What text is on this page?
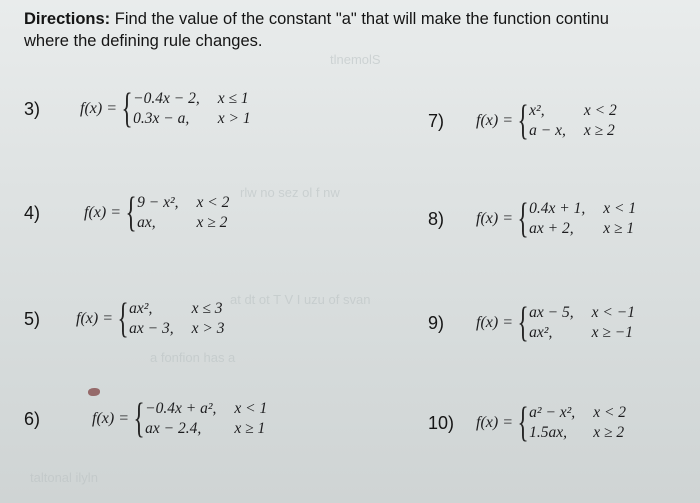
tlnemolS
rlw no sez ol f nw
at dt ot T V I uzu of svan
a fonfion has a
taltonal ilyln
Directions: Find the value of the constant "a" that will make the function continu
where the defining rule changes.
3)	f(x) = { −0.4x − 2, x ≤ 1
0.3x − a,	x > 1
4)	f(x) = { 9 − x², x < 2
ax,	x ≥ 2
5)	f(x) = { ax²,	x ≤ 3
ax − 3, x > 3
6)	f(x) = { −0.4x + a², x < 1
ax − 2.4,	x ≥ 1
7)	f(x) = { x²,	x < 2
a − x, x ≥ 2
8)	f(x) = { 0.4x + 1, x < 1
ax + 2,	x ≥ 1
9)	f(x) = { ax − 5, x < −1
ax²,	x ≥ −1
10)	f(x) = { a² − x², x < 2
1.5ax,	x ≥ 2
